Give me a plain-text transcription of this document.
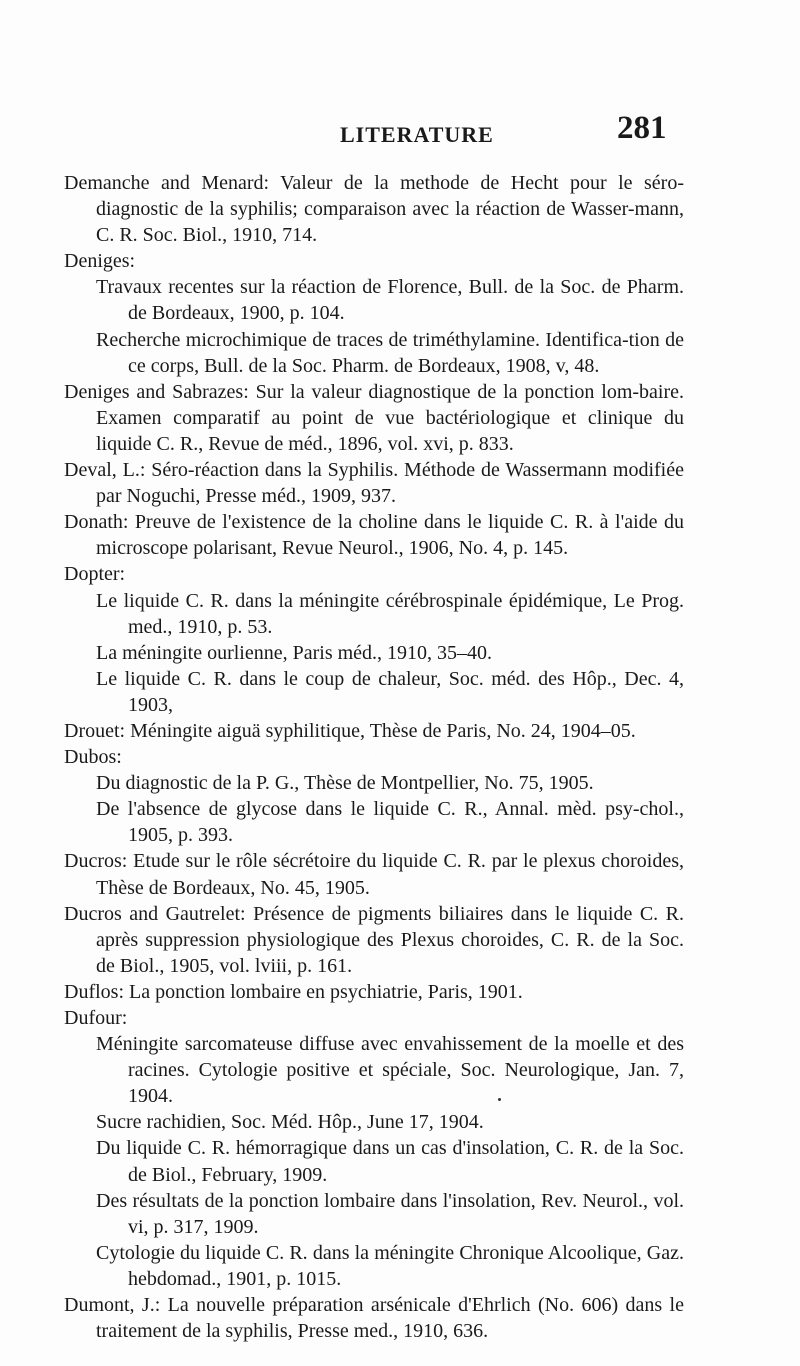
LITERATURE	281

Demanche and Menard: Valeur de la methode de Hecht pour le séro-diagnostic de la syphilis; comparaison avec la réaction de Wasser-mann, C. R. Soc. Biol., 1910, 714.

Deniges:

Travaux recentes sur la réaction de Florence, Bull. de la Soc. de Pharm. de Bordeaux, 1900, p. 104.

Recherche microchimique de traces de triméthylamine. Identifica-tion de ce corps, Bull. de la Soc. Pharm. de Bordeaux, 1908, v, 48.

Deniges and Sabrazes: Sur la valeur diagnostique de la ponction lom-baire. Examen comparatif au point de vue bactériologique et clinique du liquide C. R., Revue de méd., 1896, vol. xvi, p. 833.

Deval, L.: Séro-réaction dans la Syphilis. Méthode de Wassermann modifiée par Noguchi, Presse méd., 1909, 937.

Donath: Preuve de l'existence de la choline dans le liquide C. R. à l'aide du microscope polarisant, Revue Neurol., 1906, No. 4, p. 145.

Dopter:

Le liquide C. R. dans la méningite cérébrospinale épidémique, Le Prog. med., 1910, p. 53.

La méningite ourlienne, Paris méd., 1910, 35–40.

Le liquide C. R. dans le coup de chaleur, Soc. méd. des Hôp., Dec. 4, 1903,

Drouet: Méningite aiguä syphilitique, Thèse de Paris, No. 24, 1904–05.

Dubos:

Du diagnostic de la P. G., Thèse de Montpellier, No. 75, 1905.

De l'absence de glycose dans le liquide C. R., Annal. mèd. psy-chol., 1905, p. 393.

Ducros: Etude sur le rôle sécrétoire du liquide C. R. par le plexus choroides, Thèse de Bordeaux, No. 45, 1905.

Ducros and Gautrelet: Présence de pigments biliaires dans le liquide C. R. après suppression physiologique des Plexus choroides, C. R. de la Soc. de Biol., 1905, vol. lviii, p. 161.

Duflos: La ponction lombaire en psychiatrie, Paris, 1901.

Dufour:

Méningite sarcomateuse diffuse avec envahissement de la moelle et des racines. Cytologie positive et spéciale, Soc. Neurologique, Jan. 7, 1904.

Sucre rachidien, Soc. Méd. Hôp., June 17, 1904.

Du liquide C. R. hémorragique dans un cas d'insolation, C. R. de la Soc. de Biol., February, 1909.

Des résultats de la ponction lombaire dans l'insolation, Rev. Neurol., vol. vi, p. 317, 1909.

Cytologie du liquide C. R. dans la méningite Chronique Alcoolique, Gaz. hebdomad., 1901, p. 1015.

Dumont, J.: La nouvelle préparation arsénicale d'Ehrlich (No. 606) dans le traitement de la syphilis, Presse med., 1910, 636.
